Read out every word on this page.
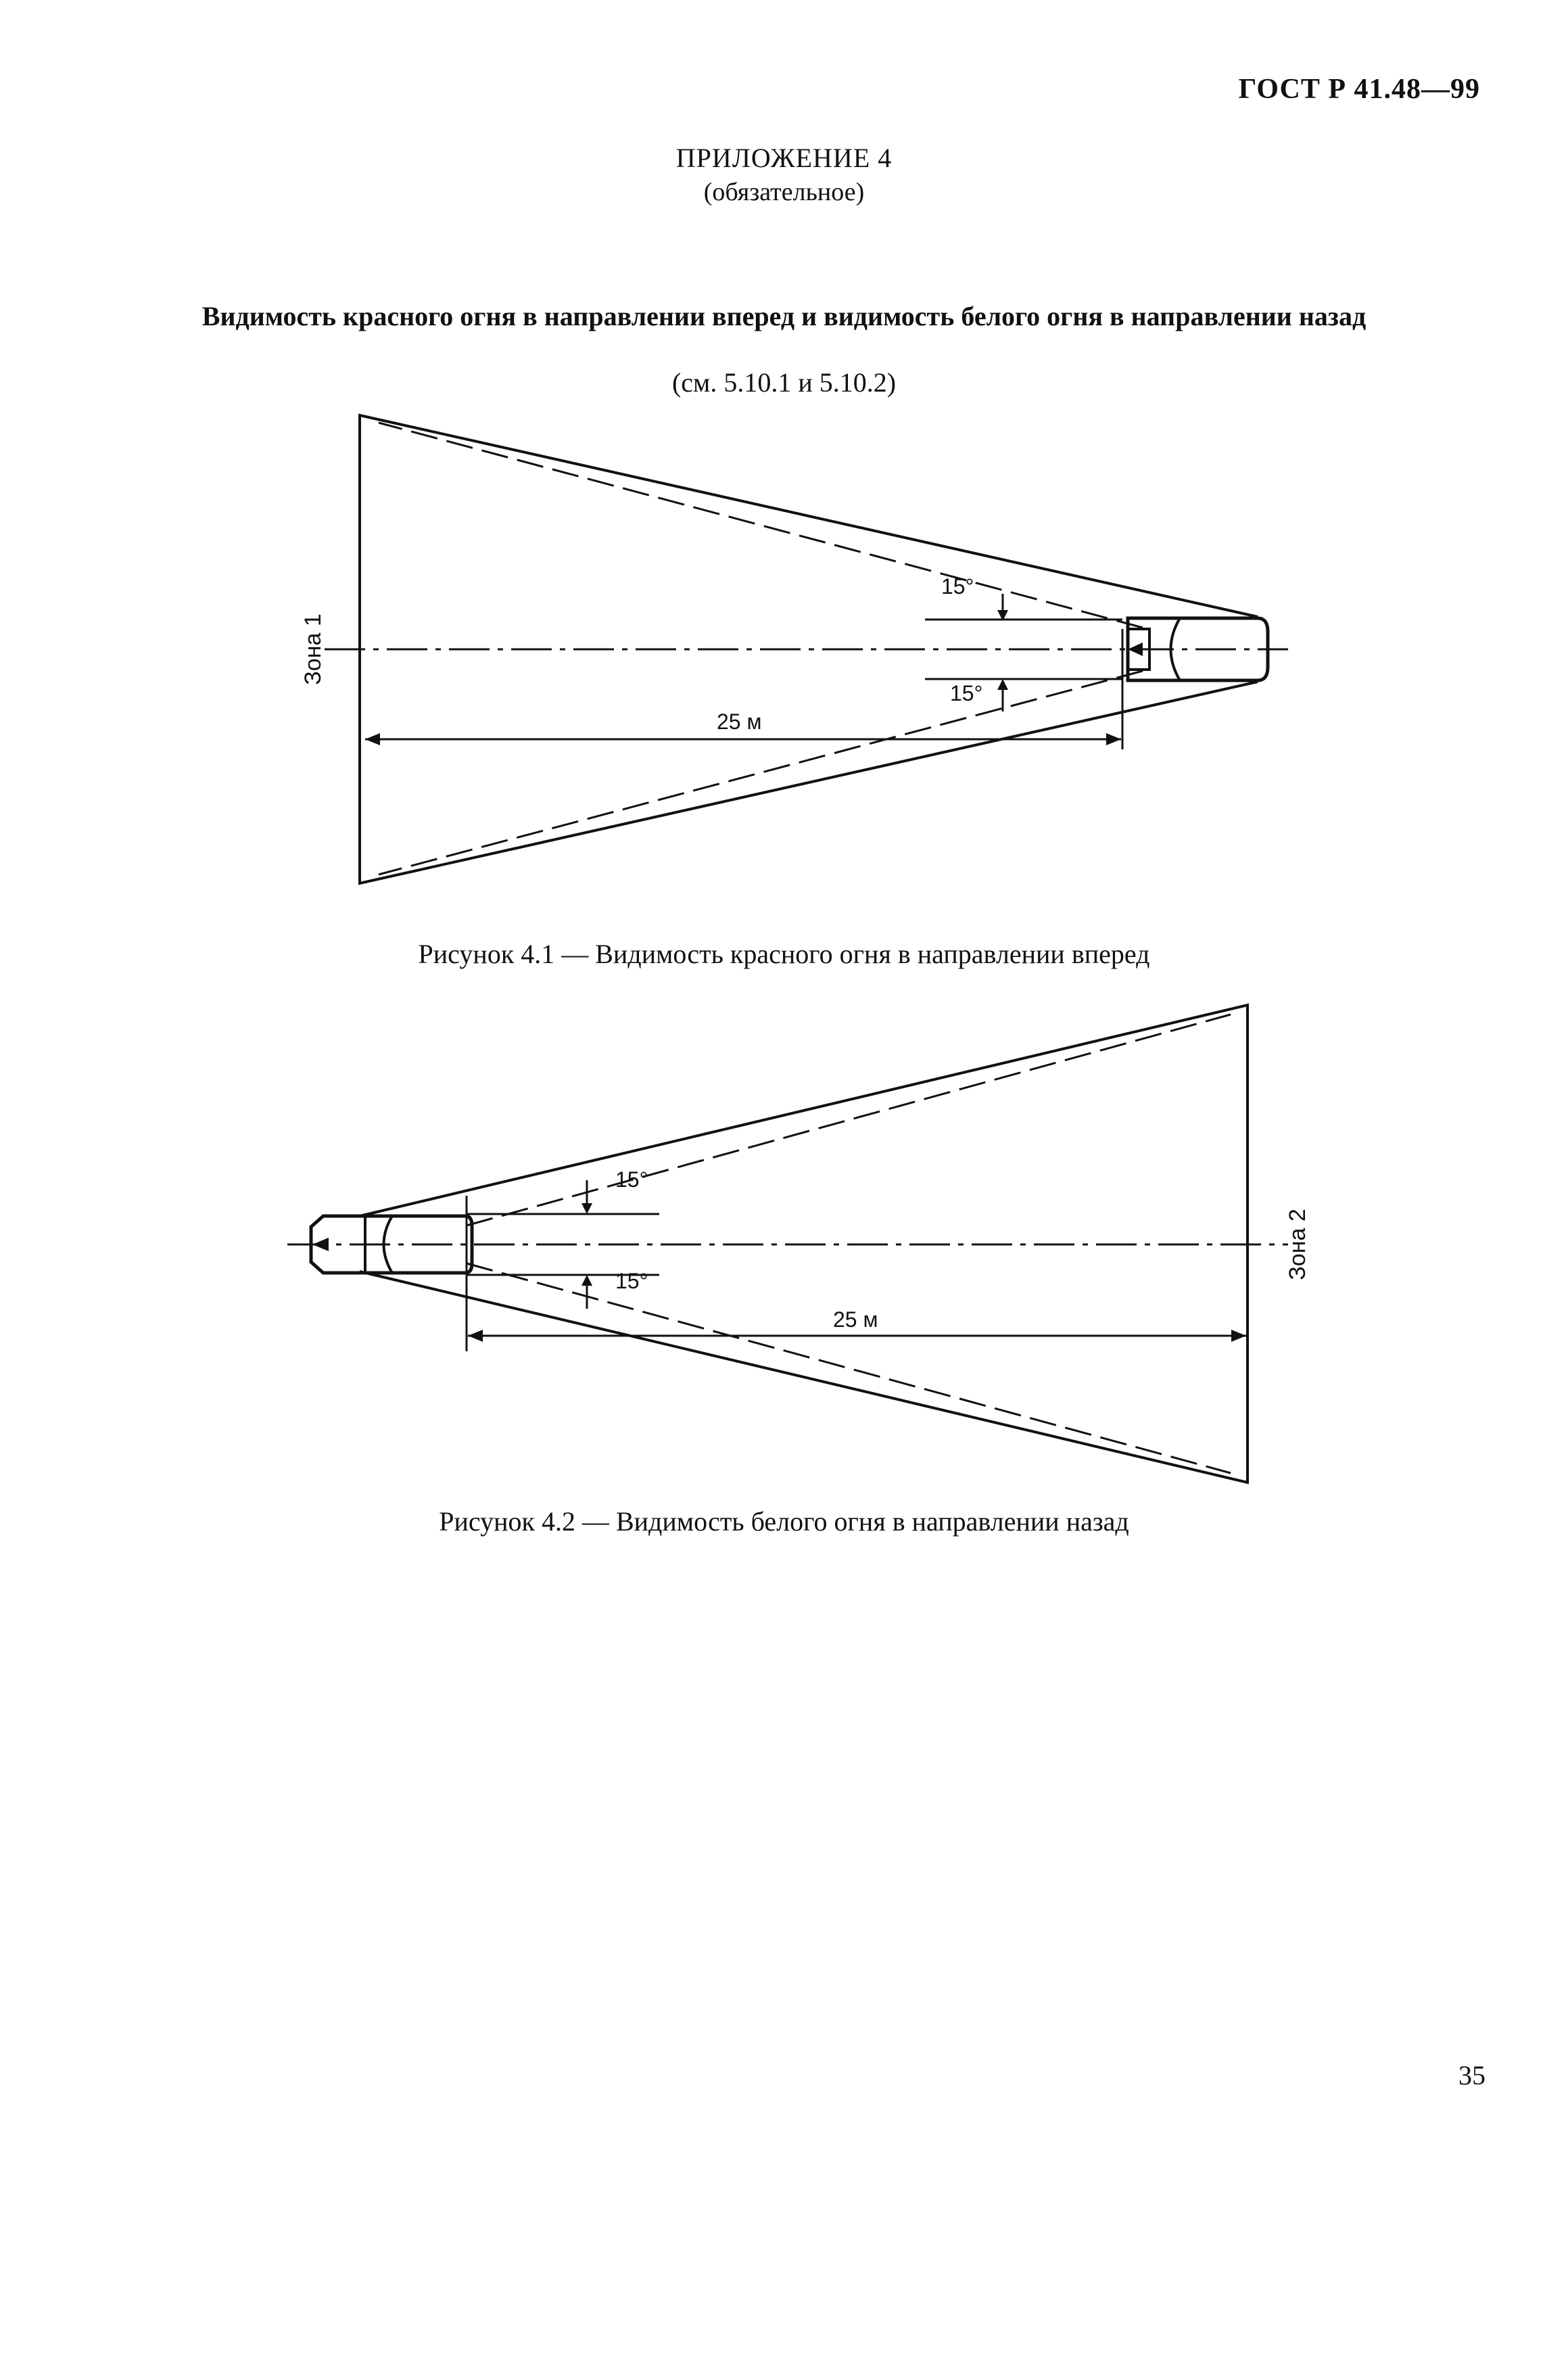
ГОСТ Р 41.48—99
ПРИЛОЖЕНИЕ 4
(обязательное)
Видимость красного огня в направлении вперед и видимость белого огня в направлении назад
(см. 5.10.1 и 5.10.2)
Зона 1
15°
15°
25 м
Рисунок 4.1 — Видимость красного огня в направлении вперед
Зона 2
15°
15°
25 м
Рисунок 4.2 — Видимость белого огня в направлении назад
35
